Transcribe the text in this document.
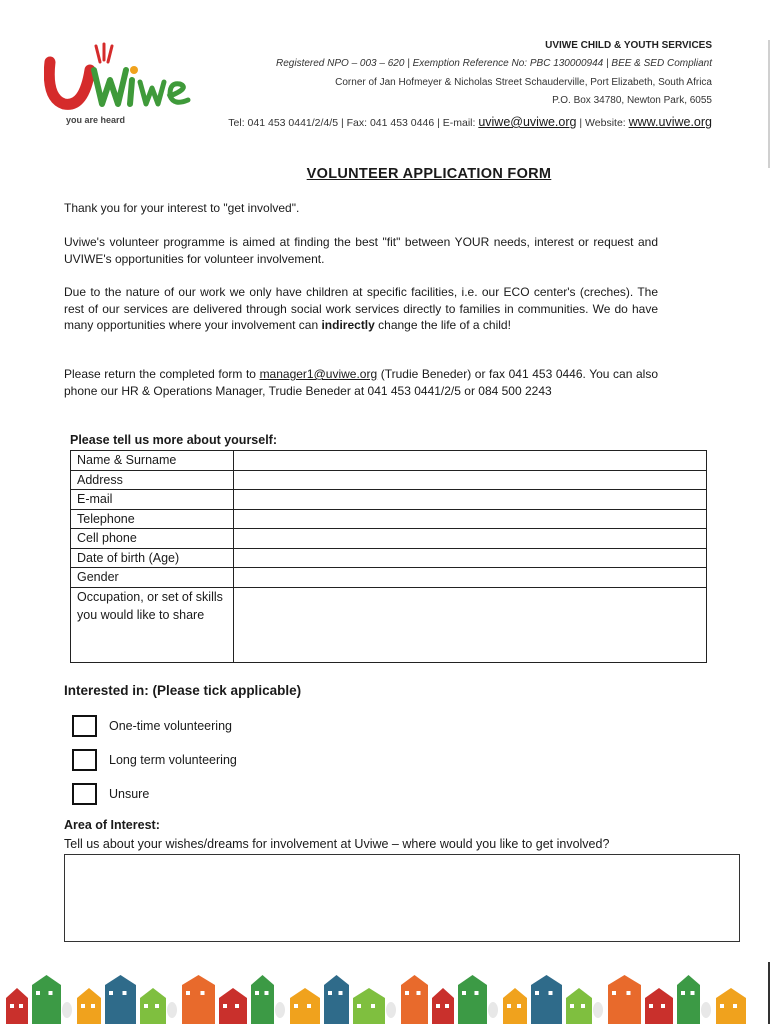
you are heard
UVIWE CHILD & YOUTH SERVICES
Registered NPO – 003 – 620 | Exemption Reference No: PBC 130000944 | BEE & SED Compliant
Corner of Jan Hofmeyer & Nicholas Street Schauderville, Port Elizabeth, South Africa
P.O. Box 34780, Newton Park, 6055
Tel: 041 453 0441/2/4/5 | Fax: 041 453 0446 | E-mail: uviwe@uviwe.org | Website: www.uviwe.org
VOLUNTEER APPLICATION FORM
Thank you for your interest to "get involved".
Uviwe's volunteer programme is aimed at finding the best "fit" between YOUR needs, interest or request and UVIWE's opportunities for volunteer involvement.
Due to the nature of our work we only have children at specific facilities, i.e. our ECO center's (creches). The rest of our services are delivered through social work services directly to families in communities. We do have many opportunities where your involvement can indirectly change the life of a child!
Please return the completed form to manager1@uviwe.org (Trudie Beneder) or fax 041 453 0446. You can also phone our HR & Operations Manager, Trudie Beneder at 041 453 0441/2/5 or 084 500 2243
Please tell us more about yourself:
Name & Surname	
Address	
E-mail	
Telephone	
Cell phone	
Date of birth (Age)	
Gender	
Occupation, or set of skills you would like to share	
Interested in: (Please tick applicable)
One-time volunteering
Long term volunteering
Unsure
Area of Interest:
Tell us about your wishes/dreams for involvement at Uviwe – where would you like to get involved?
